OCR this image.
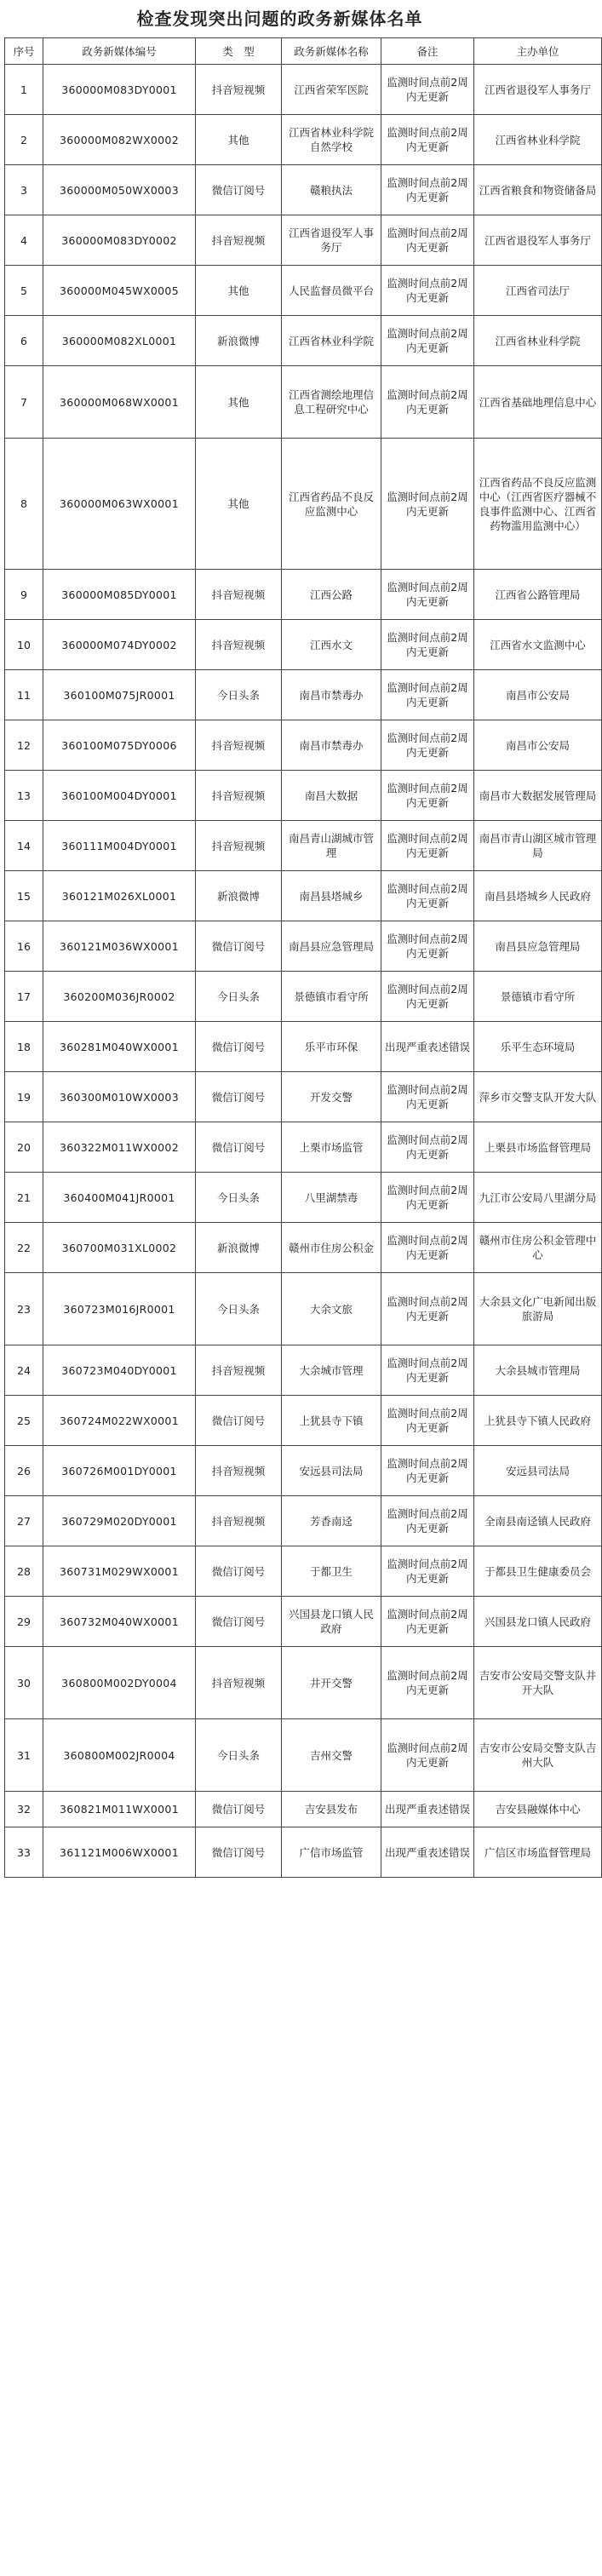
检查发现突出问题的政务新媒体名单
序号	政务新媒体编号	类　型	政务新媒体名称	备注	主办单位
1	360000M083DY0001	抖音短视频	江西省荣军医院	监测时间点前2周内无更新	江西省退役军人事务厅
2	360000M082WX0002	其他	江西省林业科学院自然学校	监测时间点前2周内无更新	江西省林业科学院
3	360000M050WX0003	微信订阅号	赣粮执法	监测时间点前2周内无更新	江西省粮食和物资储备局
4	360000M083DY0002	抖音短视频	江西省退役军人事务厅	监测时间点前2周内无更新	江西省退役军人事务厅
5	360000M045WX0005	其他	人民监督员微平台	监测时间点前2周内无更新	江西省司法厅
6	360000M082XL0001	新浪微博	江西省林业科学院	监测时间点前2周内无更新	江西省林业科学院
7	360000M068WX0001	其他	江西省测绘地理信息工程研究中心	监测时间点前2周内无更新	江西省基础地理信息中心
8	360000M063WX0001	其他	江西省药品不良反应监测中心	监测时间点前2周内无更新	江西省药品不良反应监测中心（江西省医疗器械不良事件监测中心、江西省药物滥用监测中心）
9	360000M085DY0001	抖音短视频	江西公路	监测时间点前2周内无更新	江西省公路管理局
10	360000M074DY0002	抖音短视频	江西水文	监测时间点前2周内无更新	江西省水文监测中心
11	360100M075JR0001	今日头条	南昌市禁毒办	监测时间点前2周内无更新	南昌市公安局
12	360100M075DY0006	抖音短视频	南昌市禁毒办	监测时间点前2周内无更新	南昌市公安局
13	360100M004DY0001	抖音短视频	南昌大数据	监测时间点前2周内无更新	南昌市大数据发展管理局
14	360111M004DY0001	抖音短视频	南昌青山湖城市管理	监测时间点前2周内无更新	南昌市青山湖区城市管理局
15	360121M026XL0001	新浪微博	南昌县塔城乡	监测时间点前2周内无更新	南昌县塔城乡人民政府
16	360121M036WX0001	微信订阅号	南昌县应急管理局	监测时间点前2周内无更新	南昌县应急管理局
17	360200M036JR0002	今日头条	景德镇市看守所	监测时间点前2周内无更新	景德镇市看守所
18	360281M040WX0001	微信订阅号	乐平市环保	出现严重表述错误	乐平生态环境局
19	360300M010WX0003	微信订阅号	开发交警	监测时间点前2周内无更新	萍乡市交警支队开发大队
20	360322M011WX0002	微信订阅号	上栗市场监管	监测时间点前2周内无更新	上栗县市场监督管理局
21	360400M041JR0001	今日头条	八里湖禁毒	监测时间点前2周内无更新	九江市公安局八里湖分局
22	360700M031XL0002	新浪微博	赣州市住房公积金	监测时间点前2周内无更新	赣州市住房公积金管理中心
23	360723M016JR0001	今日头条	大余文旅	监测时间点前2周内无更新	大余县文化广电新闻出版旅游局
24	360723M040DY0001	抖音短视频	大余城市管理	监测时间点前2周内无更新	大余县城市管理局
25	360724M022WX0001	微信订阅号	上犹县寺下镇	监测时间点前2周内无更新	上犹县寺下镇人民政府
26	360726M001DY0001	抖音短视频	安远县司法局	监测时间点前2周内无更新	安远县司法局
27	360729M020DY0001	抖音短视频	芳香南迳	监测时间点前2周内无更新	全南县南迳镇人民政府
28	360731M029WX0001	微信订阅号	于都卫生	监测时间点前2周内无更新	于都县卫生健康委员会
29	360732M040WX0001	微信订阅号	兴国县龙口镇人民政府	监测时间点前2周内无更新	兴国县龙口镇人民政府
30	360800M002DY0004	抖音短视频	井开交警	监测时间点前2周内无更新	吉安市公安局交警支队井开大队
31	360800M002JR0004	今日头条	吉州交警	监测时间点前2周内无更新	吉安市公安局交警支队吉州大队
32	360821M011WX0001	微信订阅号	吉安县发布	出现严重表述错误	吉安县融媒体中心
33	361121M006WX0001	微信订阅号	广信市场监管	出现严重表述错误	广信区市场监督管理局
